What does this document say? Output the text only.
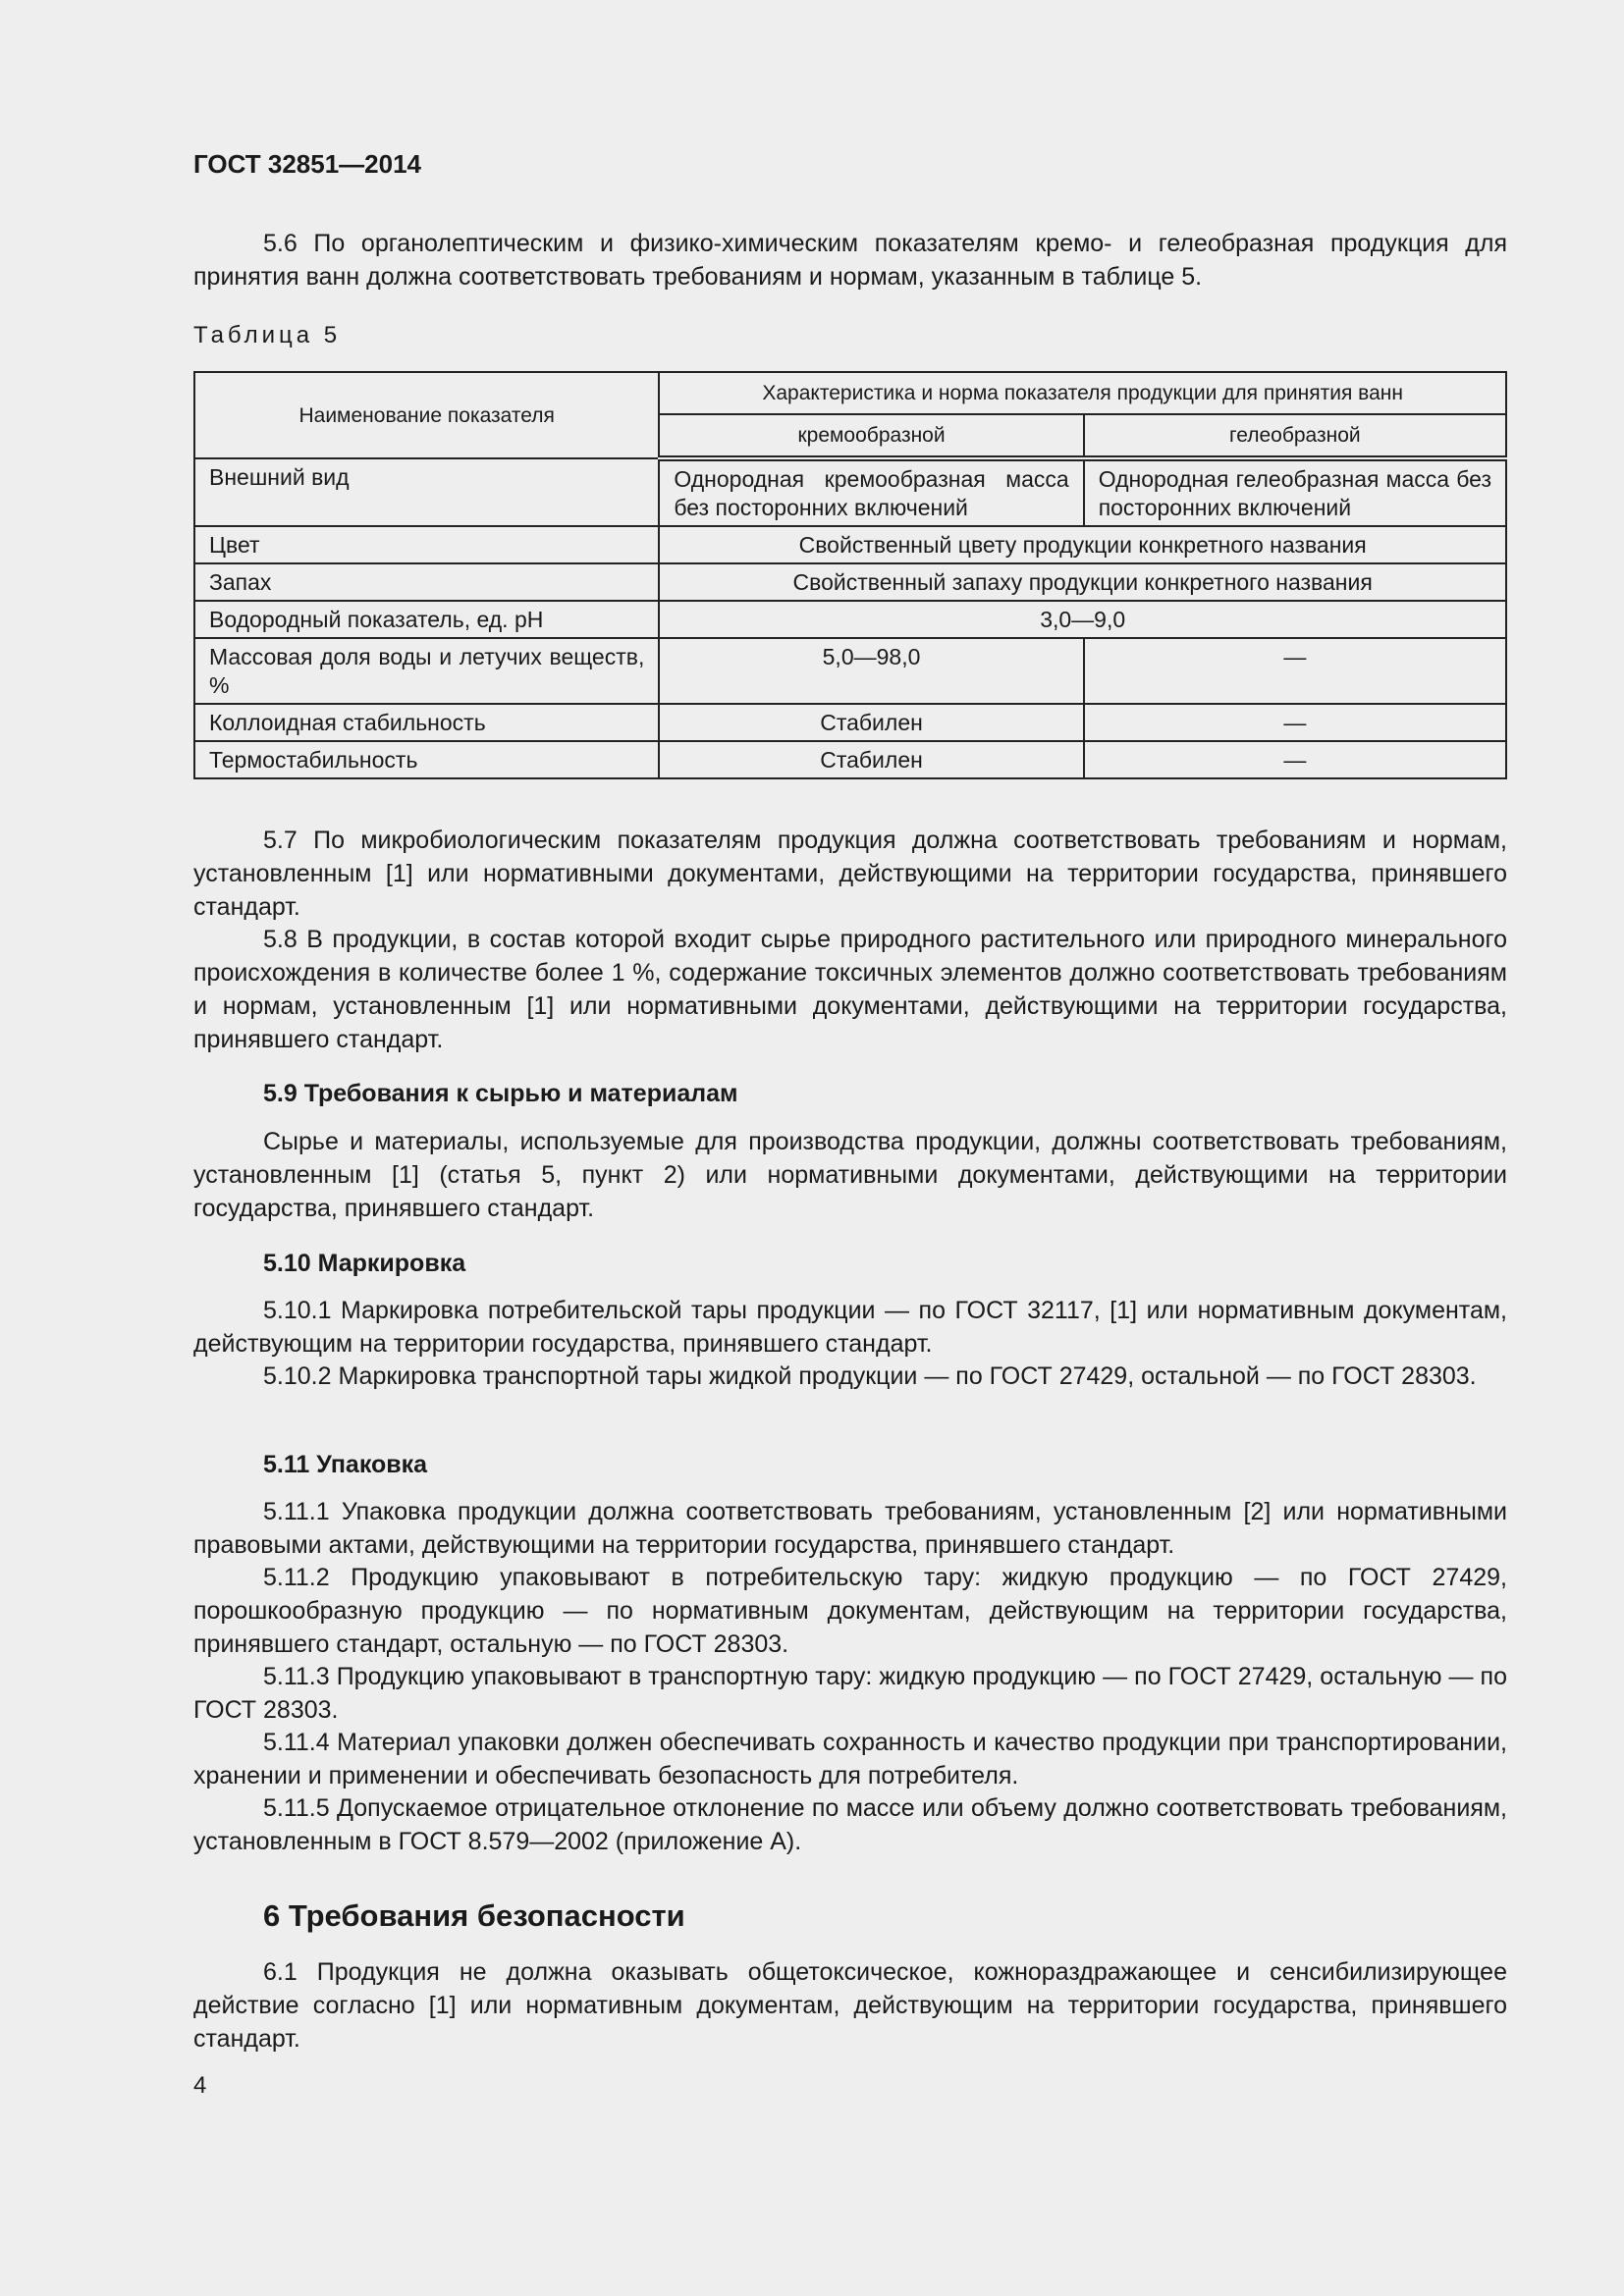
ГОСТ 32851—2014

5.6 По органолептическим и физико-химическим показателям кремо- и гелеобразная продукция для принятия ванн должна соответствовать требованиям и нормам, указанным в таблице 5.

Таблица 5
Наименование показателя	Характеристика и норма показателя продукции для принятия ванн	
	кремообразной	гелеобразной
Внешний вид	Однородная кремообразная масса без посторонних включений	Однородная гелеобразная масса без посторонних включений
Цвет	Свойственный цвету продукции конкретного названия	
Запах	Свойственный запаху продукции конкретного названия	
Водородный показатель, ед. pH	3,0—9,0	
Массовая доля воды и летучих веществ, %	5,0—98,0	—
Коллоидная стабильность	Стабилен	—
Термостабильность	Стабилен	—

5.7 По микробиологическим показателям продукция должна соответствовать требованиям и нормам, установленным [1] или нормативными документами, действующими на территории государства, принявшего стандарт.

5.8 В продукции, в состав которой входит сырье природного растительного или природного минерального происхождения в количестве более 1 %, содержание токсичных элементов должно соответствовать требованиям и нормам, установленным [1] или нормативными документами, действующими на территории государства, принявшего стандарт.

5.9 Требования к сырью и материалам

Сырье и материалы, используемые для производства продукции, должны соответствовать требованиям, установленным [1] (статья 5, пункт 2) или нормативными документами, действующими на территории государства, принявшего стандарт.

5.10 Маркировка

5.10.1 Маркировка потребительской тары продукции — по ГОСТ 32117, [1] или нормативным документам, действующим на территории государства, принявшего стандарт.

5.10.2 Маркировка транспортной тары жидкой продукции — по ГОСТ 27429, остальной — по ГОСТ 28303.

5.11 Упаковка

5.11.1 Упаковка продукции должна соответствовать требованиям, установленным [2] или нормативными правовыми актами, действующими на территории государства, принявшего стандарт.

5.11.2 Продукцию упаковывают в потребительскую тару: жидкую продукцию — по ГОСТ 27429, порошкообразную продукцию — по нормативным документам, действующим на территории государства, принявшего стандарт, остальную — по ГОСТ 28303.

5.11.3 Продукцию упаковывают в транспортную тару: жидкую продукцию — по ГОСТ 27429, остальную — по ГОСТ 28303.

5.11.4 Материал упаковки должен обеспечивать сохранность и качество продукции при транспортировании, хранении и применении и обеспечивать безопасность для потребителя.

5.11.5 Допускаемое отрицательное отклонение по массе или объему должно соответствовать требованиям, установленным в ГОСТ 8.579—2002 (приложение А).

6 Требования безопасности

6.1 Продукция не должна оказывать общетоксическое, кожнораздражающее и сенсибилизирующее действие согласно [1] или нормативным документам, действующим на территории государства, принявшего стандарт.

4
